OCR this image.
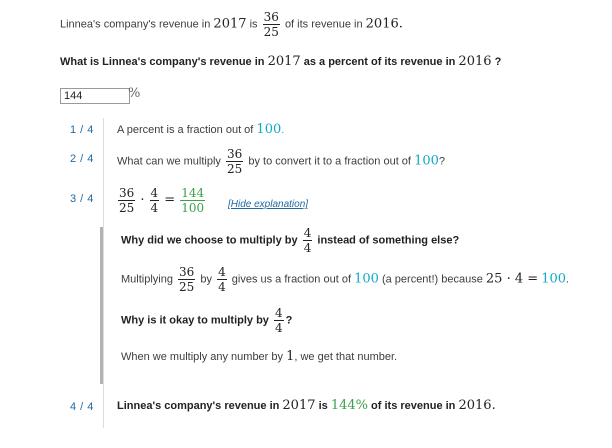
Linnea's company's revenue in 2017 is $\frac{36}{25}$ of its revenue in 2016.
What is Linnea's company's revenue in 2017 as a percent of its revenue in 2016 ?
144
%
1 / 4 A percent is a fraction out of 100.
2 / 4 What can we multiply $\frac{36}{25}$ by to convert it to a fraction out of 100?
$3 / 4 \frac{36}{25} \cdot \frac{4}{4} = \frac{144}{100}$ [Hide explanation]
Why did we choose to multiply by $\frac{4}{4}$ instead of something else?
Multiplying $\frac{36}{25}$ by $\frac{4}{4}$ gives us a fraction out of 100 (a percent!) because 25 · 4 = 100.
Why is it okay to multiply by $\frac{4}{4}$ ?
When we multiply any number by 1, we get that number.
4 / 4 Linnea's company's revenue in 2017 is 144% of its revenue in 2016.
